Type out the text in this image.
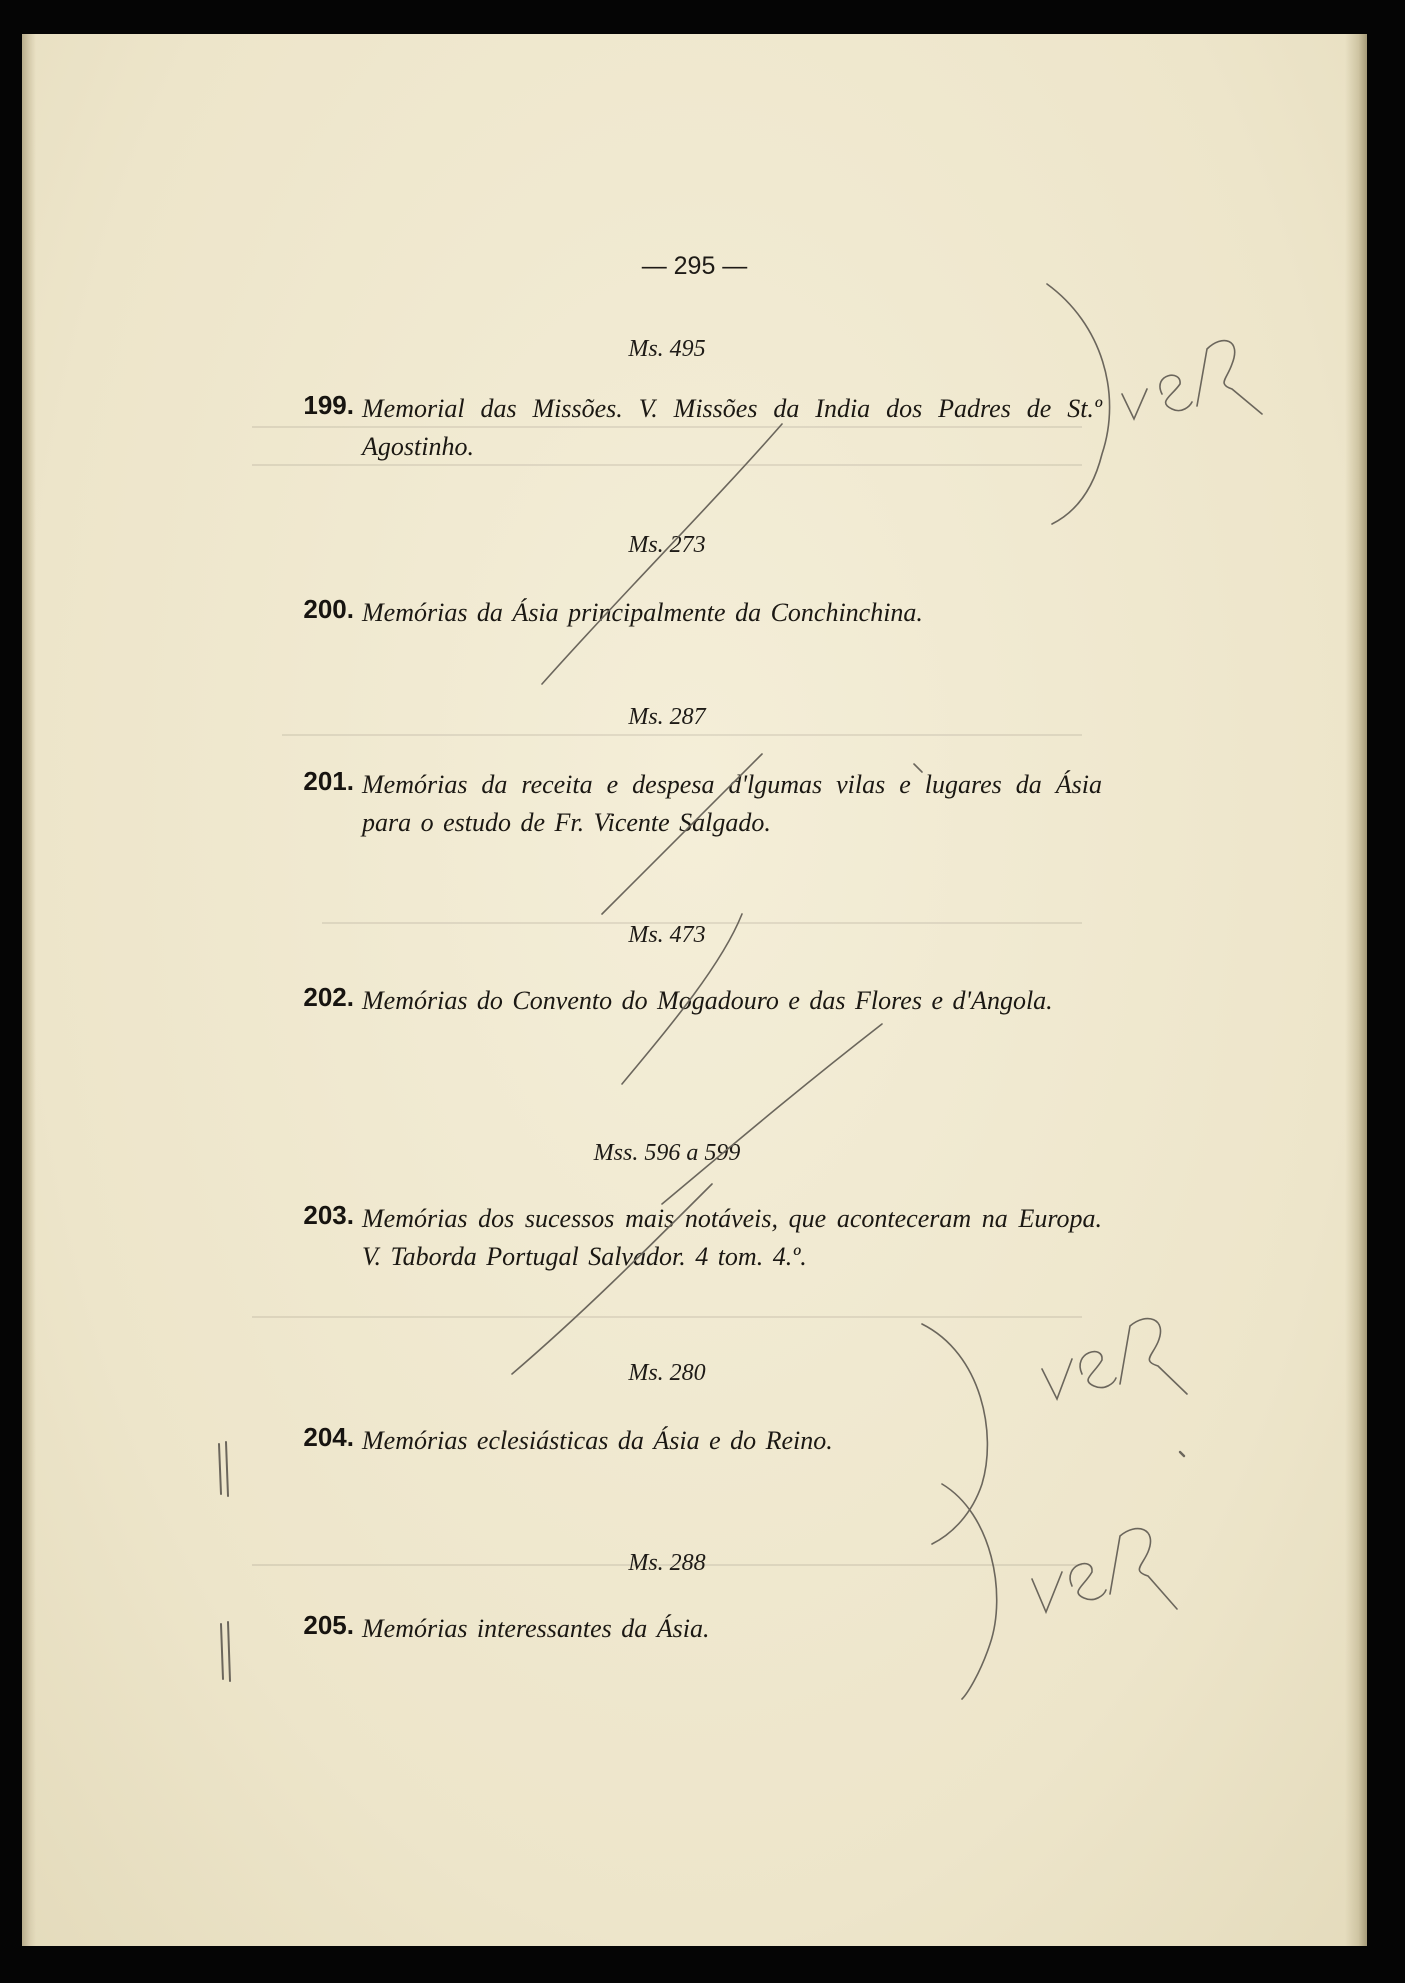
— 295 —
Ms. 495
199. Memorial das Missões. V. Missões da India dos Padres de St.º Agostinho.
Ms. 273
200. Memórias da Ásia principalmente da Conchinchina.
Ms. 287
201. Memórias da receita e despesa d'lgumas vilas e lugares da Ásia para o estudo de Fr. Vicente Salgado.
Ms. 473
202. Memórias do Convento do Mogadouro e das Flores e d'Angola.
Mss. 596 a 599
203. Memórias dos sucessos mais notáveis, que aconteceram na Europa. V. Taborda Portugal Salvador. 4 tom. 4.º.
Ms. 280
204. Memórias eclesiásticas da Ásia e do Reino.
Ms. 288
205. Memórias interessantes da Ásia.
